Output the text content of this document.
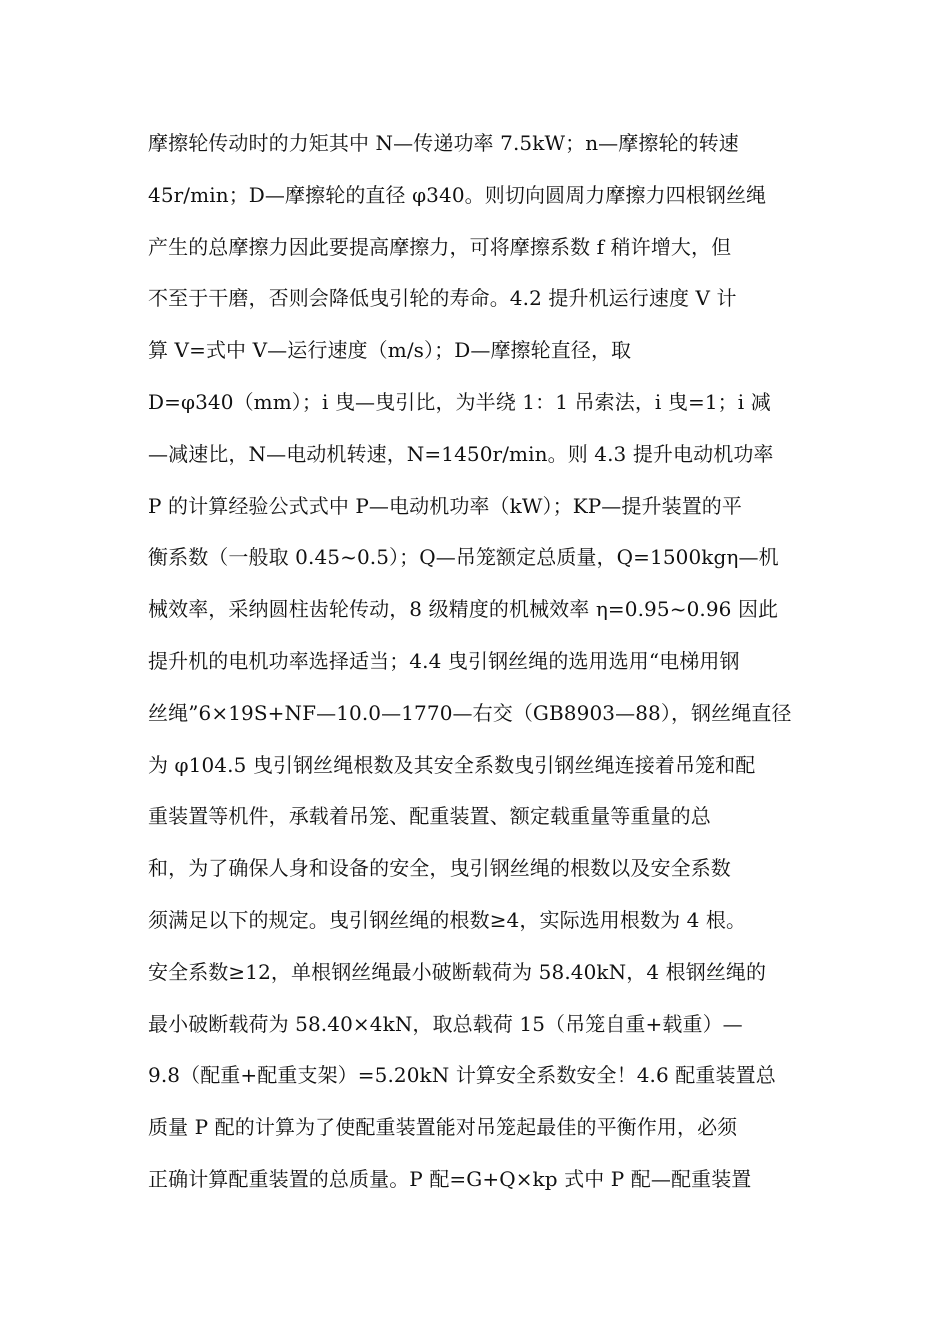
摩擦轮传动时的力矩其中 N—传递功率 7.5kW；n—摩擦轮的转速
45r/min；D—摩擦轮的直径 φ340。则切向圆周力摩擦力四根钢丝绳
产生的总摩擦力因此要提高摩擦力，可将摩擦系数 f 稍许增大，但
不至于干磨，否则会降低曳引轮的寿命。4.2 提升机运行速度 V 计
算 V=式中 V—运行速度（m/s）；D—摩擦轮直径，取
D=φ340（mm）；i 曳—曳引比，为半绕 1：1 吊索法，i 曳=1；i 减
—减速比，N—电动机转速，N=1450r/min。则 4.3 提升电动机功率
P 的计算经验公式式中 P—电动机功率（kW）；KP—提升装置的平
衡系数（一般取 0.45~0.5）；Q—吊笼额定总质量，Q=1500kgη—机
械效率，采纳圆柱齿轮传动，8 级精度的机械效率 η=0.95~0.96 因此
提升机的电机功率选择适当；4.4 曳引钢丝绳的选用选用“电梯用钢
丝绳”6×19S+NF—10.0—1770—右交（GB8903—88），钢丝绳直径
为 φ104.5 曳引钢丝绳根数及其安全系数曳引钢丝绳连接着吊笼和配
重装置等机件，承载着吊笼、配重装置、额定载重量等重量的总
和，为了确保人身和设备的安全，曳引钢丝绳的根数以及安全系数
须满足以下的规定。曳引钢丝绳的根数≥4，实际选用根数为 4 根。
安全系数≥12，单根钢丝绳最小破断载荷为 58.40kN，4 根钢丝绳的
最小破断载荷为 58.40×4kN，取总载荷 15（吊笼自重+载重）—
9.8（配重+配重支架）=5.20kN 计算安全系数安全！4.6 配重装置总
质量 P 配的计算为了使配重装置能对吊笼起最佳的平衡作用，必须
正确计算配重装置的总质量。P 配=G+Q×kp 式中 P 配—配重装置
